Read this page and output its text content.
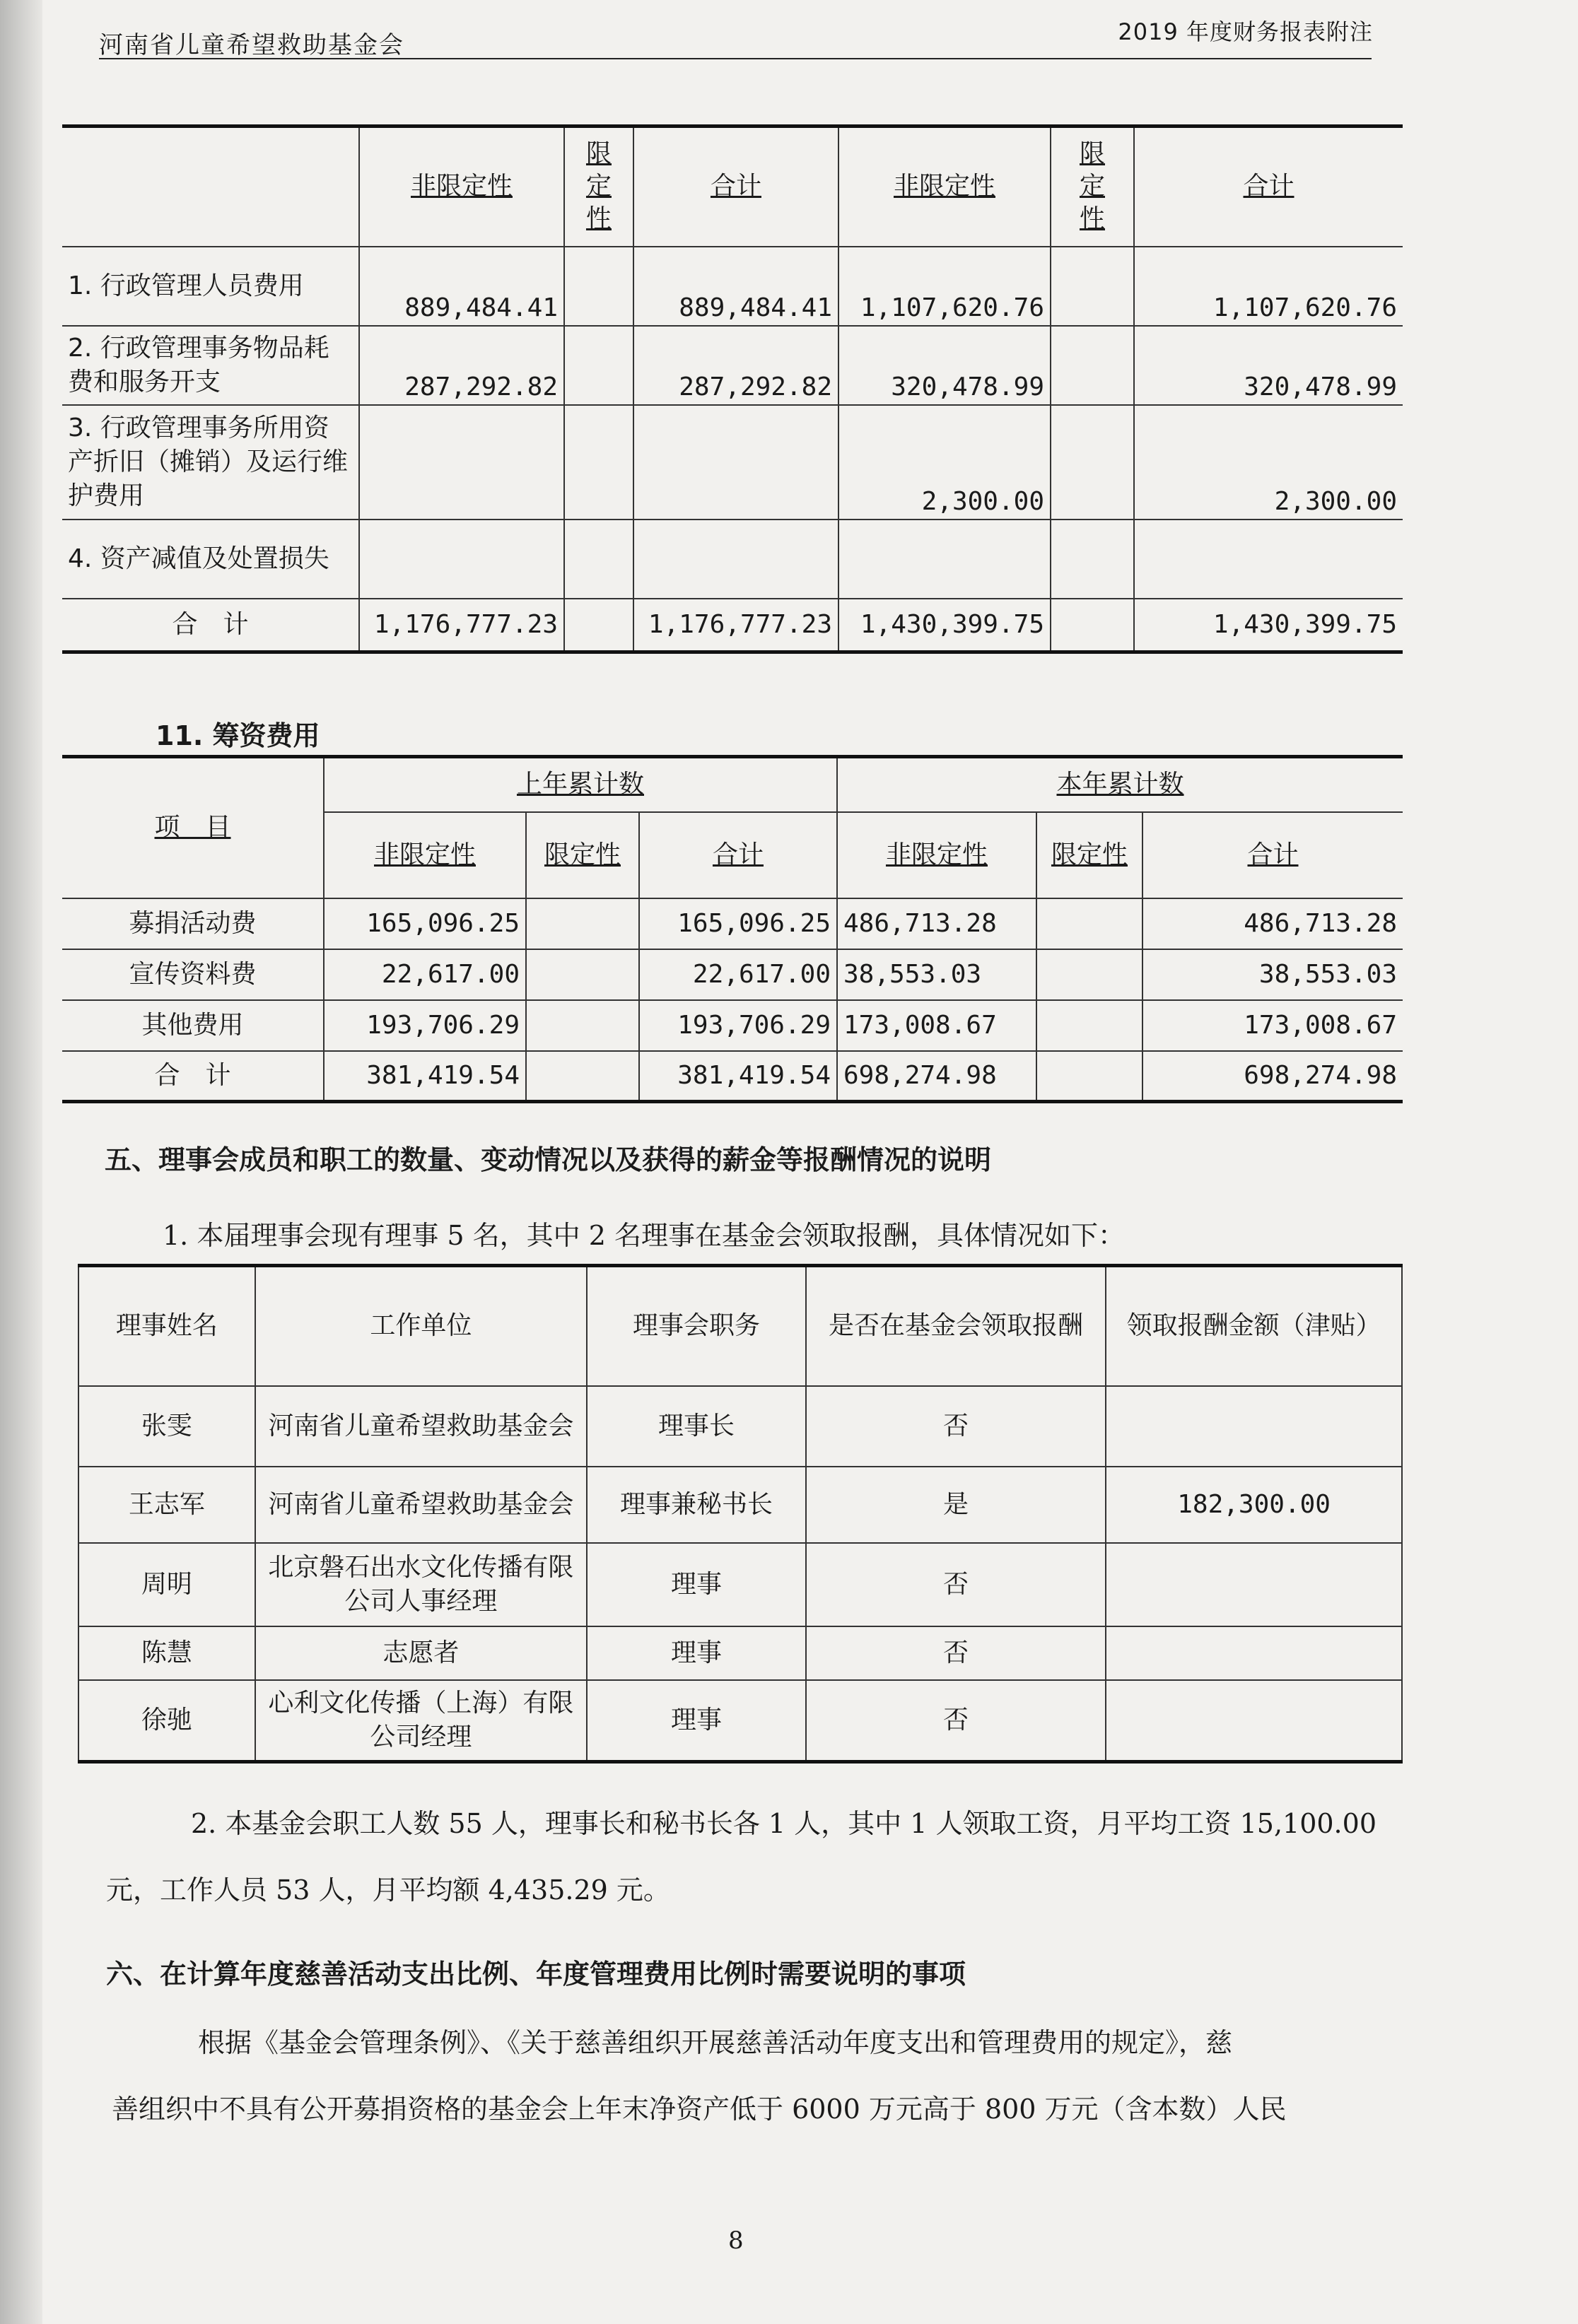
河南省儿童希望救助基金会	2019 年度财务报表附注
	非限定性	限定性	合计	非限定性	限定性	合计
1. 行政管理人员费用	889,484.41		889,484.41	1,107,620.76		1,107,620.76
2. 行政管理事务物品耗费和服务开支	287,292.82		287,292.82	320,478.99		320,478.99
3. 行政管理事务所用资产折旧（摊销）及运行维护费用				2,300.00		2,300.00
4. 资产减值及处置损失						
合　计	1,176,777.23		1,176,777.23	1,430,399.75		1,430,399.75
11. 筹资费用
项　目	上年累计数			本年累计数		
	非限定性	限定性	合计	非限定性	限定性	合计
募捐活动费	165,096.25		165,096.25	486,713.28		486,713.28
宣传资料费	22,617.00		22,617.00	38,553.03		38,553.03
其他费用	193,706.29		193,706.29	173,008.67		173,008.67
合　计	381,419.54		381,419.54	698,274.98		698,274.98
五、理事会成员和职工的数量、变动情况以及获得的薪金等报酬情况的说明
1. 本届理事会现有理事 5 名，其中 2 名理事在基金会领取报酬，具体情况如下：
理事姓名	工作单位	理事会职务	是否在基金会领取报酬	领取报酬金额（津贴）
张雯	河南省儿童希望救助基金会	理事长	否	
王志军	河南省儿童希望救助基金会	理事兼秘书长	是	182,300.00
周明	北京磐石出水文化传播有限公司人事经理	理事	否	
陈慧	志愿者	理事	否	
徐驰	心利文化传播（上海）有限公司经理	理事	否	
2. 本基金会职工人数 55 人，理事长和秘书长各 1 人，其中 1 人领取工资，月平均工资 15,100.00
元，工作人员 53 人，月平均额 4,435.29 元。
六、在计算年度慈善活动支出比例、年度管理费用比例时需要说明的事项
根据《基金会管理条例》、《关于慈善组织开展慈善活动年度支出和管理费用的规定》，慈
善组织中不具有公开募捐资格的基金会上年末净资产低于 6000 万元高于 800 万元（含本数）人民
8
